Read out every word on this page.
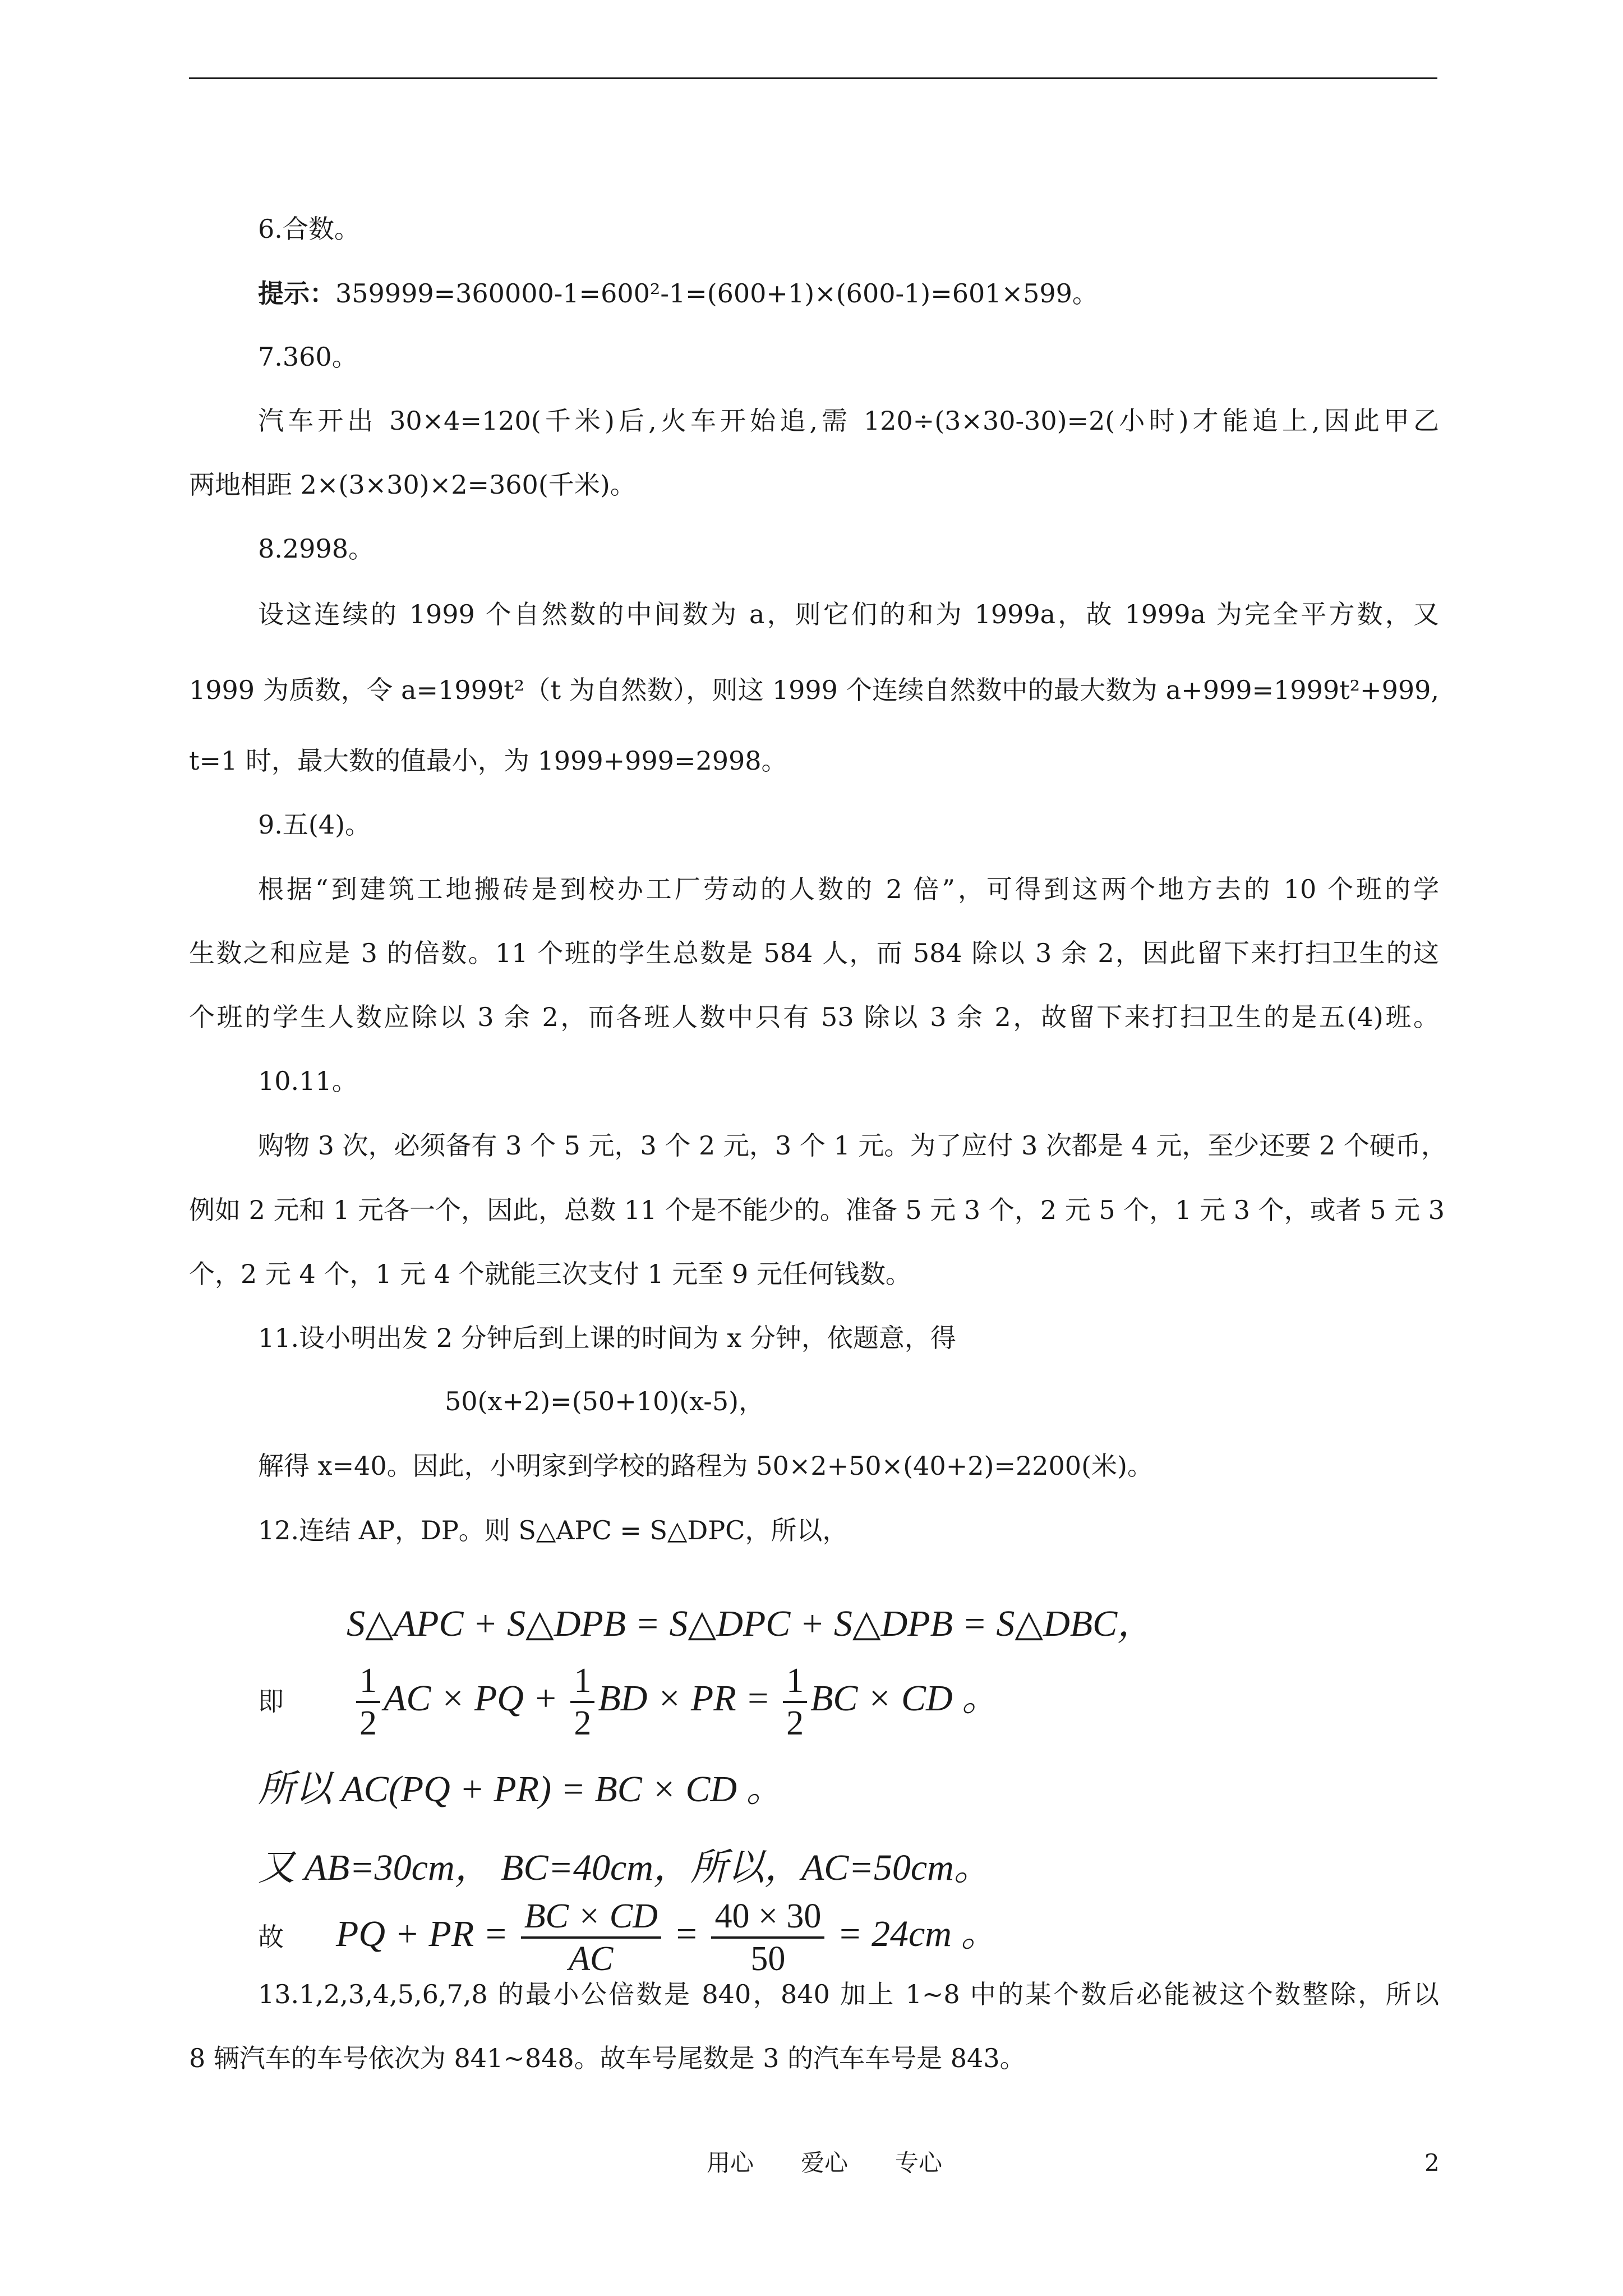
6.合数。
提示：359999=360000-1=600²-1=(600+1)×(600-1)=601×599。
7.360。
汽车开出 30×4=120(千米)后,火车开始追,需 120÷(3×30-30)=2(小时)才能追上,因此甲乙
两地相距 2×(3×30)×2=360(千米)。
8.2998。
设这连续的 1999 个自然数的中间数为 a，则它们的和为 1999a，故 1999a 为完全平方数，又
1999 为质数，令 a=1999t²（t 为自然数），则这 1999 个连续自然数中的最大数为 a+999=1999t²+999,
t=1 时，最大数的值最小，为 1999+999=2998。
9.五(4)。
根据“到建筑工地搬砖是到校办工厂劳动的人数的 2 倍”，可得到这两个地方去的 10 个班的学
生数之和应是 3 的倍数。11 个班的学生总数是 584 人，而 584 除以 3 余 2，因此留下来打扫卫生的这
个班的学生人数应除以 3 余 2，而各班人数中只有 53 除以 3 余 2，故留下来打扫卫生的是五(4)班。
10.11。
购物 3 次，必须备有 3 个 5 元，3 个 2 元，3 个 1 元。为了应付 3 次都是 4 元，至少还要 2 个硬币，
例如 2 元和 1 元各一个，因此，总数 11 个是不能少的。准备 5 元 3 个，2 元 5 个，1 元 3 个，或者 5 元 3
个，2 元 4 个，1 元 4 个就能三次支付 1 元至 9 元任何钱数。
11.设小明出发 2 分钟后到上课的时间为 x 分钟，依题意，得
50(x+2)=(50+10)(x-5)，
解得 x=40。因此，小明家到学校的路程为 50×2+50×(40+2)=2200(米)。
12.连结 AP，DP。则 S△APC = S△DPC，所以，
S△APC + S△DPB = S△DPC + S△DPB = S△DBC，
即 $\frac{1}{2}$ AC × PQ + $\frac{1}{2}$ BD × PR = $\frac{1}{2}$ BC × CD 。
所以 AC(PQ + PR) = BC × CD 。
又 AB=30cm， BC=40cm，所以，AC=50cm。
故 PQ + PR = $\frac{BC \times CD}{AC} = \frac{40 \times 30}{50} = 24cm$ 。
13.1,2,3,4,5,6,7,8 的最小公倍数是 840，840 加上 1~8 中的某个数后必能被这个数整除，所以
8 辆汽车的车号依次为 841~848。故车号尾数是 3 的汽车车号是 843。
用心　　爱心　　专心	2
